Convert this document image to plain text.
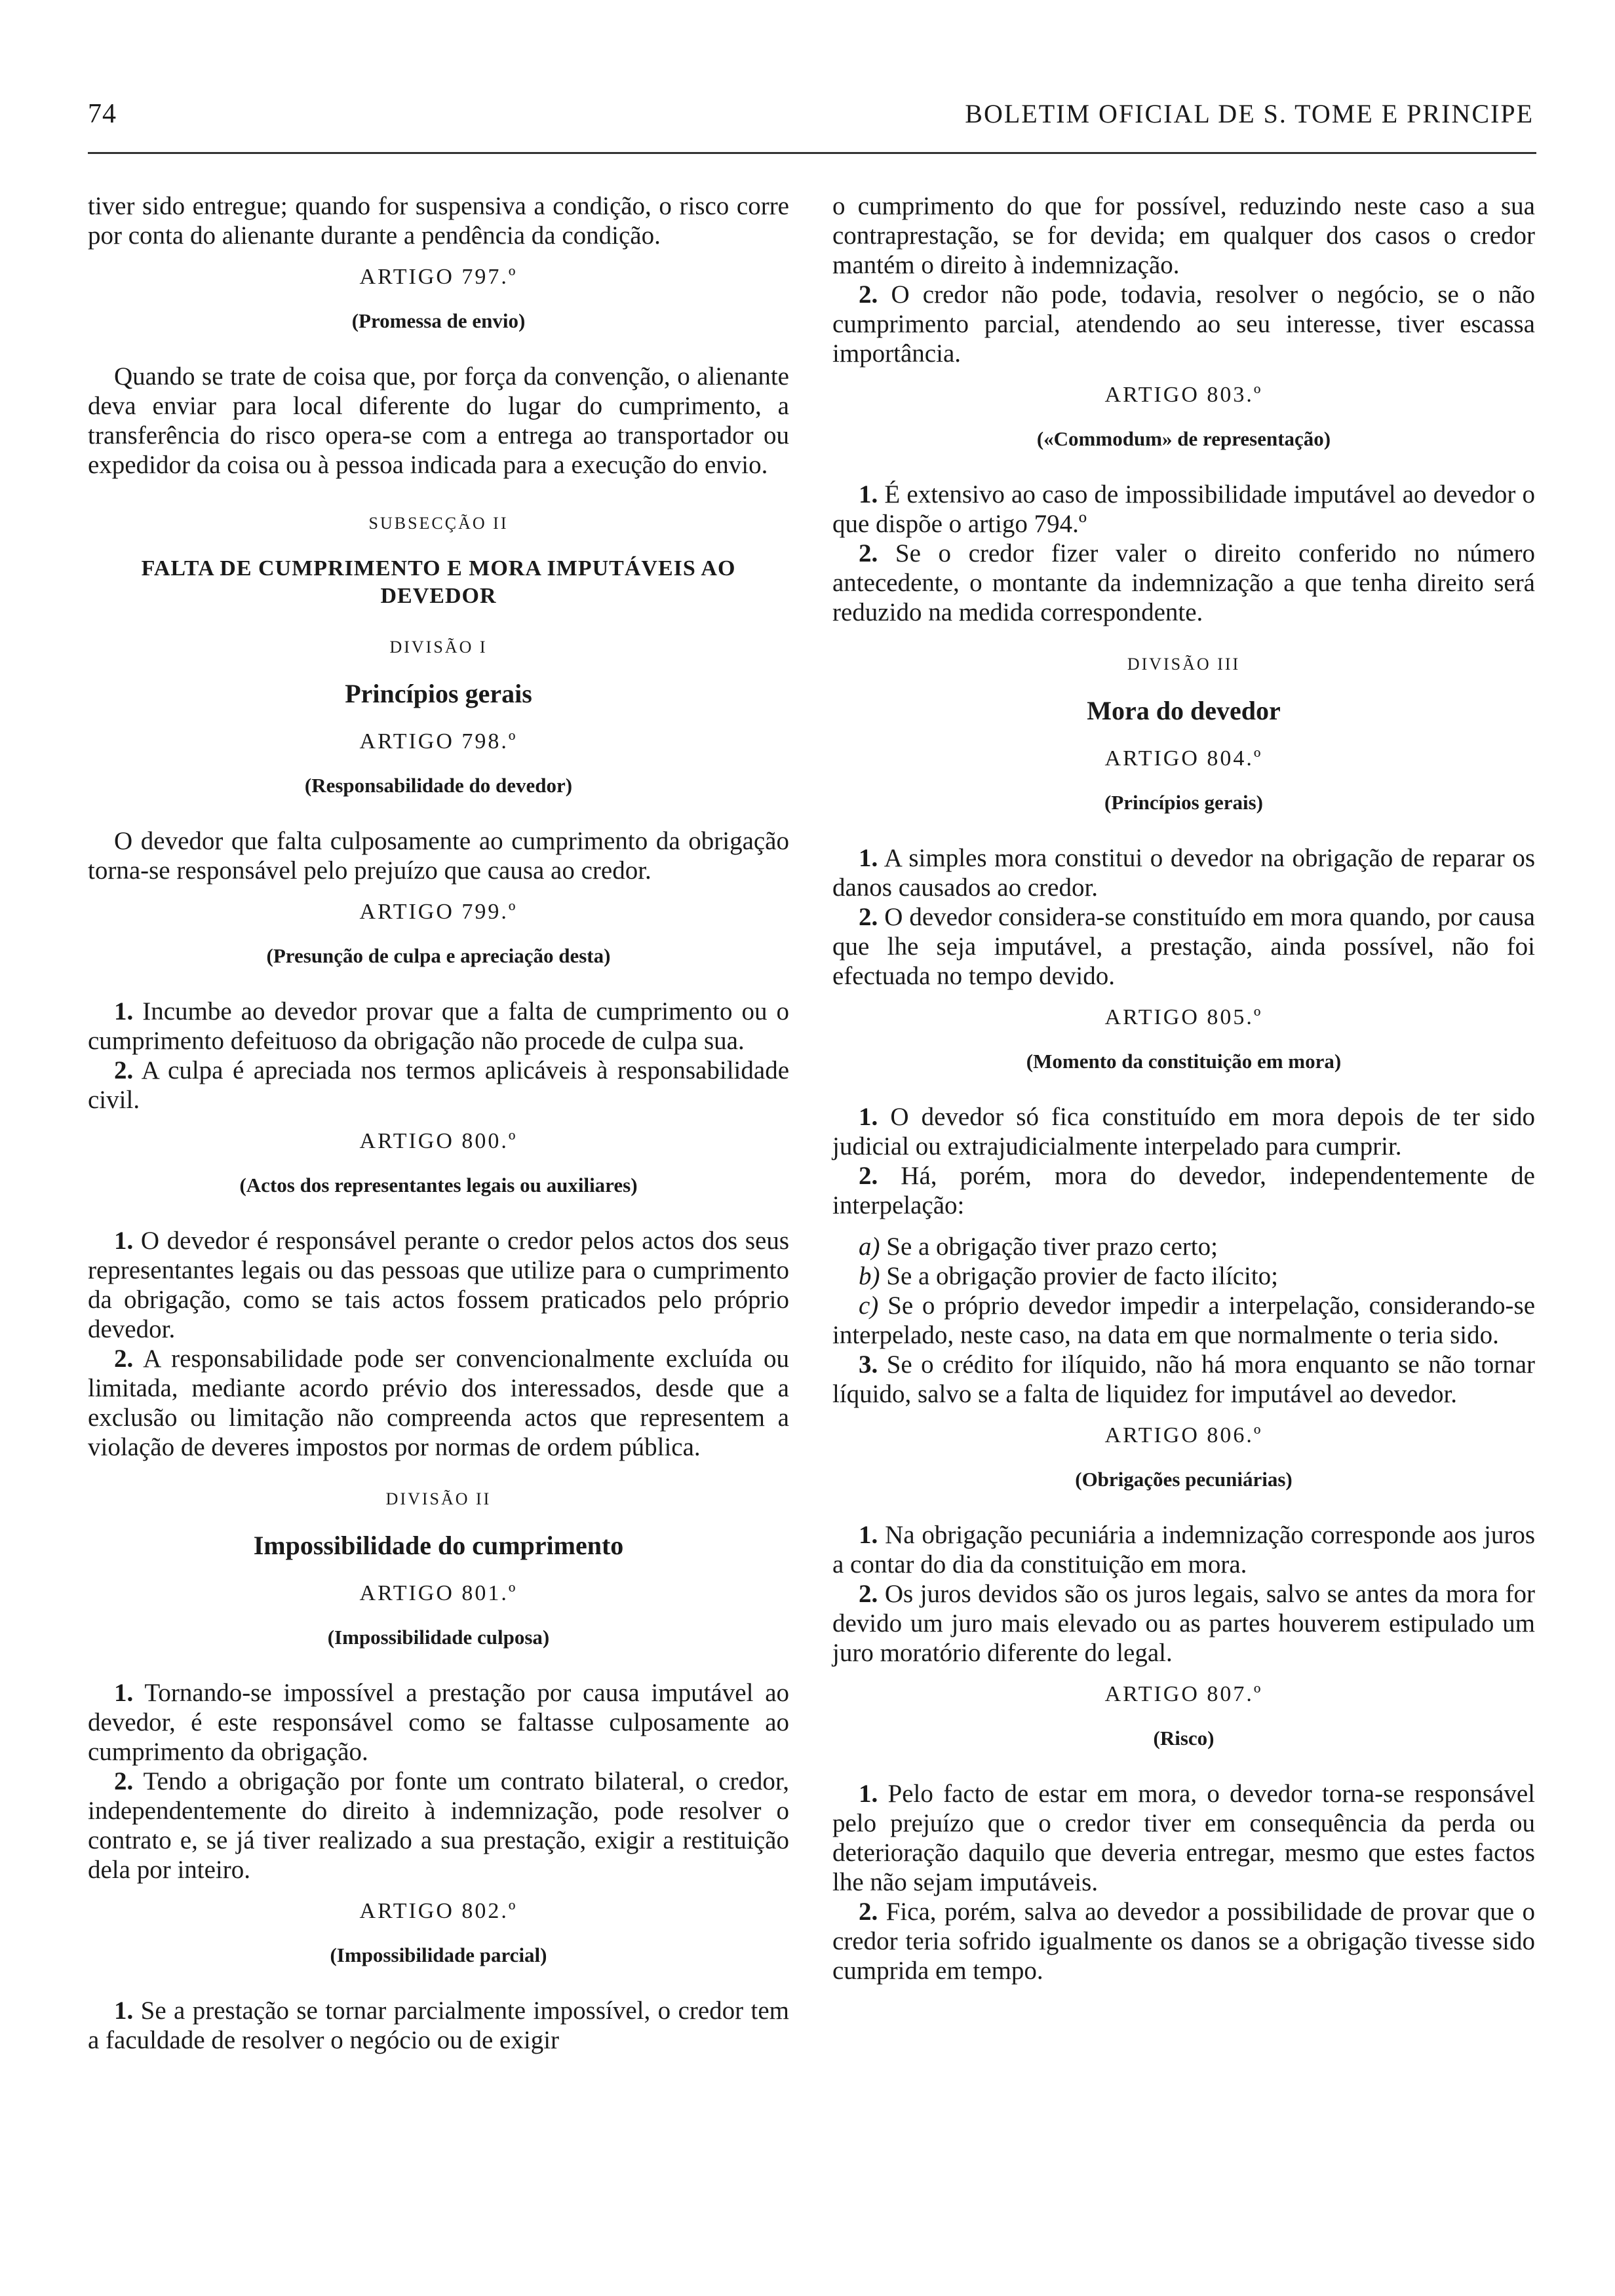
74	BOLETIM OFICIAL DE S. TOME E PRINCIPE

tiver sido entregue; quando for suspensiva a condição, o risco corre por conta do alienante durante a pendência da condição.

ARTIGO 797.º
(Promessa de envio)

Quando se trate de coisa que, por força da convenção, o alienante deva enviar para local diferente do lugar do cumprimento, a transferência do risco opera-se com a entrega ao transportador ou expedidor da coisa ou à pessoa indicada para a execução do envio.

SUBSECÇÃO II
FALTA DE CUMPRIMENTO E MORA IMPUTÁVEIS AO DEVEDOR
DIVISÃO I
Princípios gerais
ARTIGO 798.º
(Responsabilidade do devedor)

O devedor que falta culposamente ao cumprimento da obrigação torna-se responsável pelo prejuízo que causa ao credor.

ARTIGO 799.º
(Presunção de culpa e apreciação desta)

1. Incumbe ao devedor provar que a falta de cumprimento ou o cumprimento defeituoso da obrigação não procede de culpa sua.

2. A culpa é apreciada nos termos aplicáveis à responsabilidade civil.

ARTIGO 800.º
(Actos dos representantes legais ou auxiliares)

1. O devedor é responsável perante o credor pelos actos dos seus representantes legais ou das pessoas que utilize para o cumprimento da obrigação, como se tais actos fossem praticados pelo próprio devedor.

2. A responsabilidade pode ser convencionalmente excluída ou limitada, mediante acordo prévio dos interessados, desde que a exclusão ou limitação não compreenda actos que representem a violação de deveres impostos por normas de ordem pública.

DIVISÃO II
Impossibilidade do cumprimento
ARTIGO 801.º
(Impossibilidade culposa)

1. Tornando-se impossível a prestação por causa imputável ao devedor, é este responsável como se faltasse culposamente ao cumprimento da obrigação.

2. Tendo a obrigação por fonte um contrato bilateral, o credor, independentemente do direito à indemnização, pode resolver o contrato e, se já tiver realizado a sua prestação, exigir a restituição dela por inteiro.

ARTIGO 802.º
(Impossibilidade parcial)

1. Se a prestação se tornar parcialmente impossível, o credor tem a faculdade de resolver o negócio ou de exigir

o cumprimento do que for possível, reduzindo neste caso a sua contraprestação, se for devida; em qualquer dos casos o credor mantém o direito à indemnização.

2. O credor não pode, todavia, resolver o negócio, se o não cumprimento parcial, atendendo ao seu interesse, tiver escassa importância.

ARTIGO 803.º
(«Commodum» de representação)

1. É extensivo ao caso de impossibilidade imputável ao devedor o que dispõe o artigo 794.º

2. Se o credor fizer valer o direito conferido no número antecedente, o montante da indemnização a que tenha direito será reduzido na medida correspondente.

DIVISÃO III
Mora do devedor
ARTIGO 804.º
(Princípios gerais)

1. A simples mora constitui o devedor na obrigação de reparar os danos causados ao credor.

2. O devedor considera-se constituído em mora quando, por causa que lhe seja imputável, a prestação, ainda possível, não foi efectuada no tempo devido.

ARTIGO 805.º
(Momento da constituição em mora)

1. O devedor só fica constituído em mora depois de ter sido judicial ou extrajudicialmente interpelado para cumprir.

2. Há, porém, mora do devedor, independentemente de interpelação:

a) Se a obrigação tiver prazo certo;

b) Se a obrigação provier de facto ilícito;

c) Se o próprio devedor impedir a interpelação, considerando-se interpelado, neste caso, na data em que normalmente o teria sido.

3. Se o crédito for ilíquido, não há mora enquanto se não tornar líquido, salvo se a falta de liquidez for imputável ao devedor.

ARTIGO 806.º
(Obrigações pecuniárias)

1. Na obrigação pecuniária a indemnização corresponde aos juros a contar do dia da constituição em mora.

2. Os juros devidos são os juros legais, salvo se antes da mora for devido um juro mais elevado ou as partes houverem estipulado um juro moratório diferente do legal.

ARTIGO 807.º
(Risco)

1. Pelo facto de estar em mora, o devedor torna-se responsável pelo prejuízo que o credor tiver em consequência da perda ou deterioração daquilo que deveria entregar, mesmo que estes factos lhe não sejam imputáveis.

2. Fica, porém, salva ao devedor a possibilidade de provar que o credor teria sofrido igualmente os danos se a obrigação tivesse sido cumprida em tempo.
